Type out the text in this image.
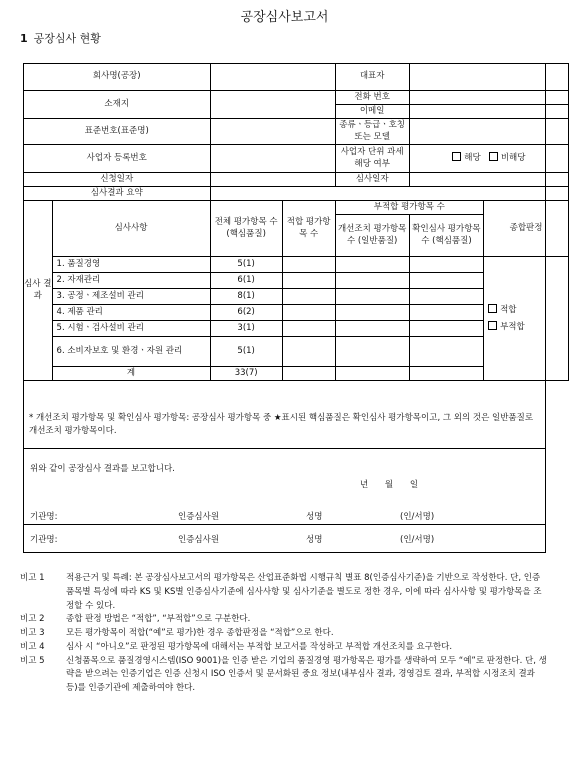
공장심사보고서
1 공장심사 현황
회사명(공장)				대표자		
소재지				전화 번호		
				이메일		
표준번호(표준명)				종류ㆍ등급ㆍ호칭 또는 모델		
사업자 등록번호				사업자 단위 과세 해당 여부	해당 비해당	
신청일자				심사일자		
심사결과 요약						
심사 결과	심사사항	전체 평가항목 수 (핵심품질)	적합 평가항목 수	부적합 평가항목 수		종합판정
				개선조치 평가항목 수 (일반품질)	확인심사 평가항목 수 (핵심품질)	

	1. 품질경영	5(1)				적합
부적합

	2. 자재관리	6(1)				
	3. 공정ㆍ제조설비 관리	8(1)				
	4. 제품 관리	6(2)				
	5. 시험ㆍ검사설비 관리	3(1)				
	6. 소비자보호 및 환경ㆍ자원 관리	5(1)				
	계	33(7)				
* 개선조치 평가항목 및 확인심사 평가항목: 공장심사 평가항목 중 ★표시된 핵심품질은 확인심사 평가항목이고, 그 외의 것은 일반품질로 개선조치 평가항목이다.
위와 같이 공장심사 결과를 보고합니다.
년 월 일
기관명:	인증심사원	성명	(인/서명)
기관명:	인증심사원	성명	(인/서명)
비고 1	적용근거 및 특례: 본 공장심사보고서의 평가항목은 산업표준화법 시행규칙 별표 8(인증심사기준)을 기반으로 작성한다. 단, 인증 품목별 특성에 따라 KS 및 KS별 인증심사기준에 심사사항 및 심사기준을 별도로 정한 경우, 이에 따라 심사사항 및 평가항목을 조정할 수 있다.
비고 2	종합 판정 방법은 “적합”, “부적합”으로 구분한다.
비고 3	모든 평가항목이 적합(“예”로 평가)한 경우 종합판정을 “적합”으로 한다.
비고 4	심사 시 “아니오”로 판정된 평가항목에 대해서는 부적합 보고서를 작성하고 부적합 개선조치를 요구한다.
비고 5	신청품목으로 품질경영시스템(ISO 9001)을 인증 받은 기업의 품질경영 평가항목은 평가를 생략하여 모두 “예”로 판정한다. 단, 생략을 받으려는 인증기업은 인증 신청시 ISO 인증서 및 문서화된 중요 정보(내부심사 결과, 경영검토 결과, 부적합 시정조치 결과 등)를 인증기관에 제출하여야 한다.
